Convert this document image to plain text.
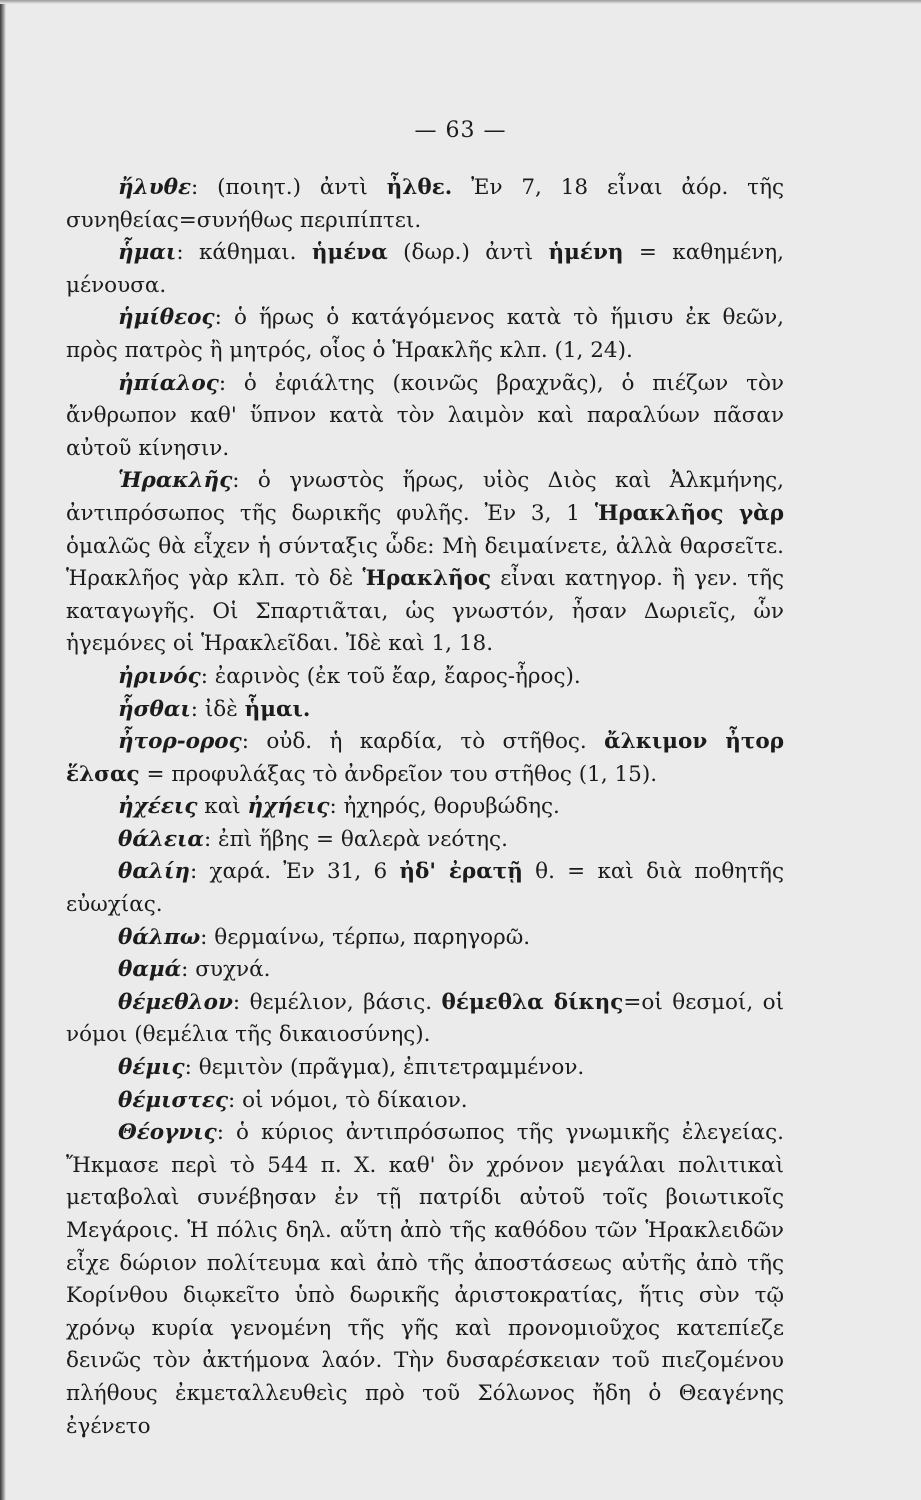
— 63 —

ἤλυθε: (ποιητ.) ἀντὶ ἦλθε. Ἐν 7, 18 εἶναι ἀόρ. τῆς συνηθείας=συνήθως περιπίπτει.

ἧμαι: κάθημαι. ἡμένα (δωρ.) ἀντὶ ἡμένη = καθημένη, μένουσα.

ἡμίθεος: ὁ ἥρως ὁ κατάγόμενος κατὰ τὸ ἥμισυ ἐκ θεῶν, πρὸς πατρὸς ἢ μητρός, οἷος ὁ Ἡρακλῆς κλπ. (1, 24).

ἠπίαλος: ὁ ἐφιάλτης (κοινῶς βραχνᾶς), ὁ πιέζων τὸν ἄνθρωπον καθ' ὕπνον κατὰ τὸν λαιμὸν καὶ παραλύων πᾶσαν αὐτοῦ κίνησιν.

Ἡρακλῆς: ὁ γνωστὸς ἥρως, υἱὸς Διὸς καὶ Ἀλκμήνης, ἀντιπρόσωπος τῆς δωρικῆς φυλῆς. Ἐν 3, 1 Ἡρακλῆος γὰρ ὁμαλῶς θὰ εἶχεν ἡ σύνταξις ὧδε: Μὴ δειμαίνετε, ἀλλὰ θαρσεῖτε. Ἡρακλῆος γὰρ κλπ. τὸ δὲ Ἡρακλῆος εἶναι κατηγορ. ἢ γεν. τῆς καταγωγῆς. Οἱ Σπαρτιᾶται, ὡς γνωστόν, ἦσαν Δωριεῖς, ὧν ἡγεμόνες οἱ Ἡρακλεῖδαι. Ἰδὲ καὶ 1, 18.

ἠρινός: ἐαρινὸς (ἐκ τοῦ ἔαρ, ἔαρος-ἦρος).

ἧσθαι: ἰδὲ ἧμαι.

ἦτορ-ορος: οὐδ. ἡ καρδία, τὸ στῆθος. ἄλκιμον ἦτορ ἕλσας = προφυλάξας τὸ ἀνδρεῖον του στῆθος (1, 15).

ἠχέεις καὶ ἠχήεις: ἠχηρός, θορυβώδης.

θάλεια: ἐπὶ ἥβης = θαλερὰ νεότης.

θαλίη: χαρά. Ἐν 31, 6 ἠδ' ἐρατῇ θ. = καὶ διὰ ποθητῆς εὐωχίας.

θάλπω: θερμαίνω, τέρπω, παρηγορῶ.

θαμά: συχνά.

θέμεθλον: θεμέλιον, βάσις. θέμεθλα δίκης=οἱ θεσμοί, οἱ νόμοι (θεμέλια τῆς δικαιοσύνης).

θέμις: θεμιτὸν (πρᾶγμα), ἐπιτετραμμένον.

θέμιστες: οἱ νόμοι, τὸ δίκαιον.

Θέογνις: ὁ κύριος ἀντιπρόσωπος τῆς γνωμικῆς ἐλεγείας. Ἤκμασε περὶ τὸ 544 π. Χ. καθ' ὃν χρόνον μεγάλαι πολιτικαὶ μεταβολαὶ συνέβησαν ἐν τῇ πατρίδι αὐτοῦ τοῖς βοιωτικοῖς Μεγάροις. Ἡ πόλις δηλ. αὕτη ἀπὸ τῆς καθόδου τῶν Ἡρακλειδῶν εἶχε δώριον πολίτευμα καὶ ἀπὸ τῆς ἀποστάσεως αὐτῆς ἀπὸ τῆς Κορίνθου διῳκεῖτο ὑπὸ δωρικῆς ἀριστοκρατίας, ἥτις σὺν τῷ χρόνῳ κυρία γενομένη τῆς γῆς καὶ προνομιοῦχος κατεπίεζε δεινῶς τὸν ἀκτήμονα λαόν. Τὴν δυσαρέσκειαν τοῦ πιεζομένου πλήθους ἐκμεταλλευθεὶς πρὸ τοῦ Σόλωνος ἤδη ὁ Θεαγένης ἐγένετο
